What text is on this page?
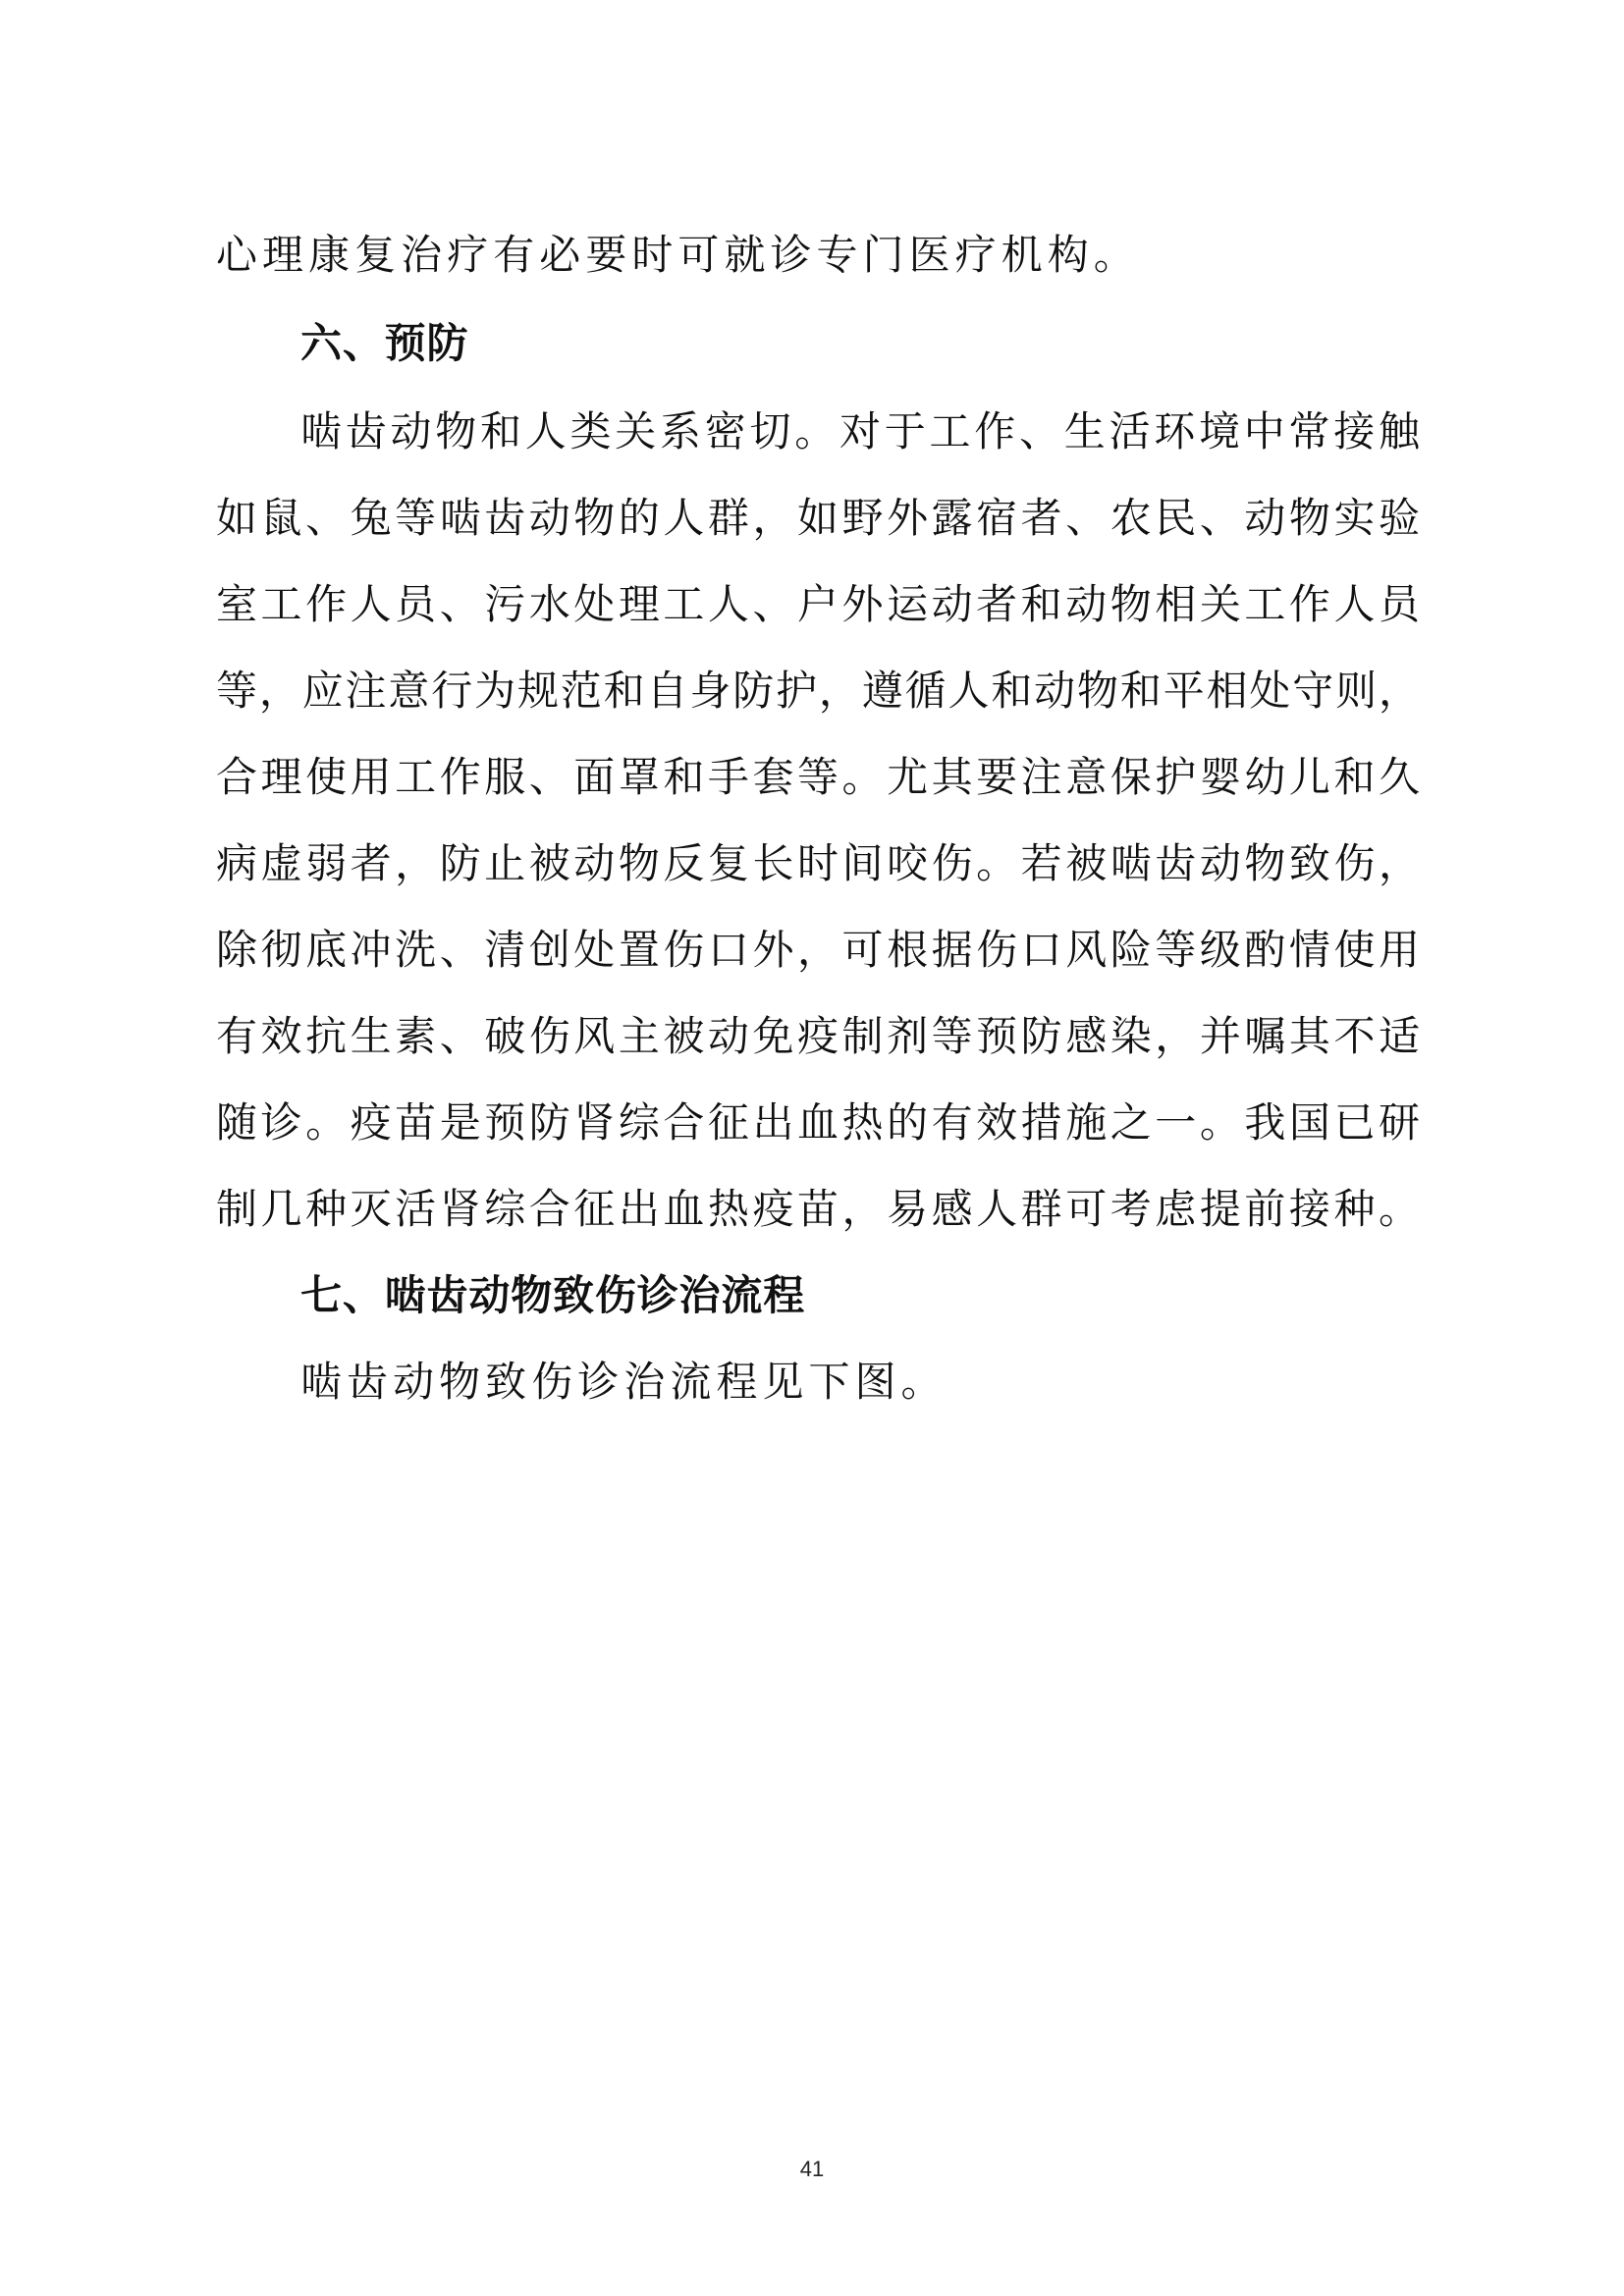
心理康复治疗有必要时可就诊专门医疗机构。
六、预防
啮齿动物和人类关系密切。对于工作、生活环境中常接触
如鼠、兔等啮齿动物的人群，如野外露宿者、农民、动物实验
室工作人员、污水处理工人、户外运动者和动物相关工作人员
等，应注意行为规范和自身防护，遵循人和动物和平相处守则，
合理使用工作服、面罩和手套等。尤其要注意保护婴幼儿和久
病虚弱者，防止被动物反复长时间咬伤。若被啮齿动物致伤，
除彻底冲洗、清创处置伤口外，可根据伤口风险等级酌情使用
有效抗生素、破伤风主被动免疫制剂等预防感染，并嘱其不适
随诊。疫苗是预防肾综合征出血热的有效措施之一。我国已研
制几种灭活肾综合征出血热疫苗，易感人群可考虑提前接种。
七、啮齿动物致伤诊治流程
啮齿动物致伤诊治流程见下图。
41
